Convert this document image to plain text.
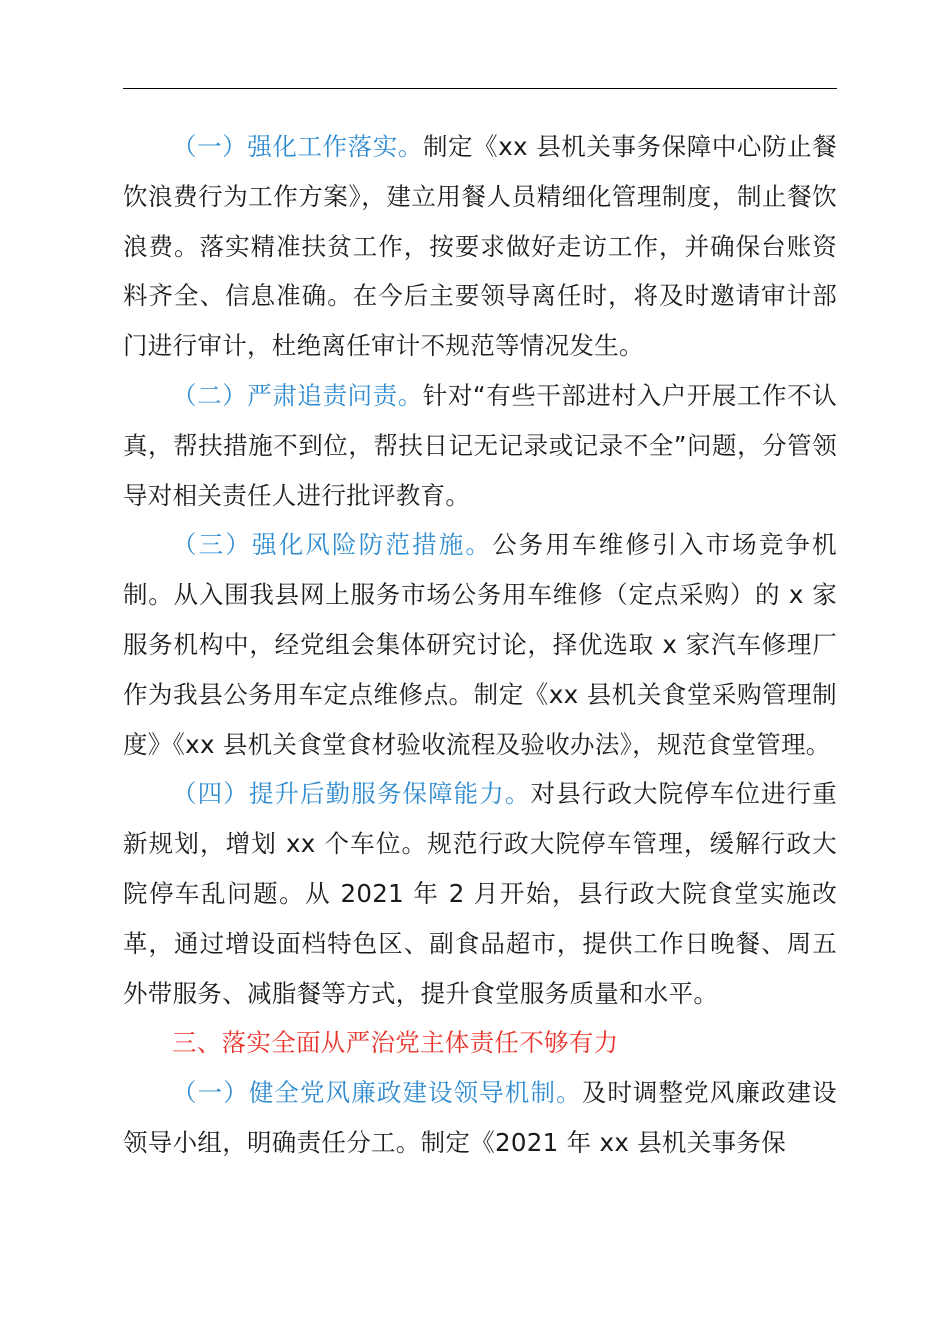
（一）强化工作落实。制定《xx 县机关事务保障中心防止餐饮浪费行为工作方案》，建立用餐人员精细化管理制度，制止餐饮浪费。落实精准扶贫工作，按要求做好走访工作，并确保台账资料齐全、信息准确。在今后主要领导离任时，将及时邀请审计部门进行审计，杜绝离任审计不规范等情况发生。

（二）严肃追责问责。针对“有些干部进村入户开展工作不认真，帮扶措施不到位，帮扶日记无记录或记录不全”问题，分管领导对相关责任人进行批评教育。

（三）强化风险防范措施。公务用车维修引入市场竞争机制。从入围我县网上服务市场公务用车维修（定点采购）的 x 家服务机构中，经党组会集体研究讨论，择优选取 x 家汽车修理厂作为我县公务用车定点维修点。制定《xx 县机关食堂采购管理制度》《xx 县机关食堂食材验收流程及验收办法》，规范食堂管理。

（四）提升后勤服务保障能力。对县行政大院停车位进行重新规划，增划 xx 个车位。规范行政大院停车管理，缓解行政大院停车乱问题。从 2021 年 2 月开始，县行政大院食堂实施改革，通过增设面档特色区、副食品超市，提供工作日晚餐、周五外带服务、减脂餐等方式，提升食堂服务质量和水平。

三、落实全面从严治党主体责任不够有力

（一）健全党风廉政建设领导机制。及时调整党风廉政建设领导小组，明确责任分工。制定《2021 年 xx 县机关事务保
